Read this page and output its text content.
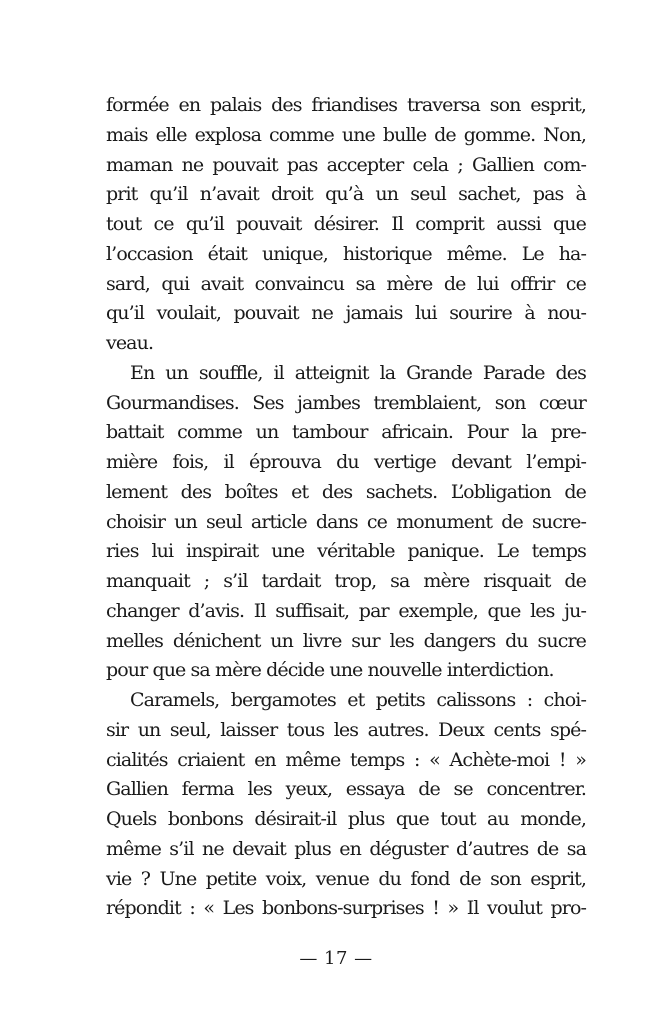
formée en palais des friandises traversa son esprit,
mais elle explosa comme une bulle de gomme. Non,
maman ne pouvait pas accepter cela ; Gallien com-
prit qu’il n’avait droit qu’à un seul sachet, pas à
tout ce qu’il pouvait désirer. Il comprit aussi que
l’occasion était unique, historique même. Le ha-
sard, qui avait convaincu sa mère de lui offrir ce
qu’il voulait, pouvait ne jamais lui sourire à nou-
veau.
En un souffle, il atteignit la Grande Parade des
Gourmandises. Ses jambes tremblaient, son cœur
battait comme un tambour africain. Pour la pre-
mière fois, il éprouva du vertige devant l’empi-
lement des boîtes et des sachets. L’obligation de
choisir un seul article dans ce monument de sucre-
ries lui inspirait une véritable panique. Le temps
manquait ; s’il tardait trop, sa mère risquait de
changer d’avis. Il suffisait, par exemple, que les ju-
melles dénichent un livre sur les dangers du sucre
pour que sa mère décide une nouvelle interdiction.
Caramels, bergamotes et petits calissons : choi-
sir un seul, laisser tous les autres. Deux cents spé-
cialités criaient en même temps : « Achète-moi ! »
Gallien ferma les yeux, essaya de se concentrer.
Quels bonbons désirait-il plus que tout au monde,
même s’il ne devait plus en déguster d’autres de sa
vie ? Une petite voix, venue du fond de son esprit,
répondit : « Les bonbons-surprises ! » Il voulut pro-
— 17 —
